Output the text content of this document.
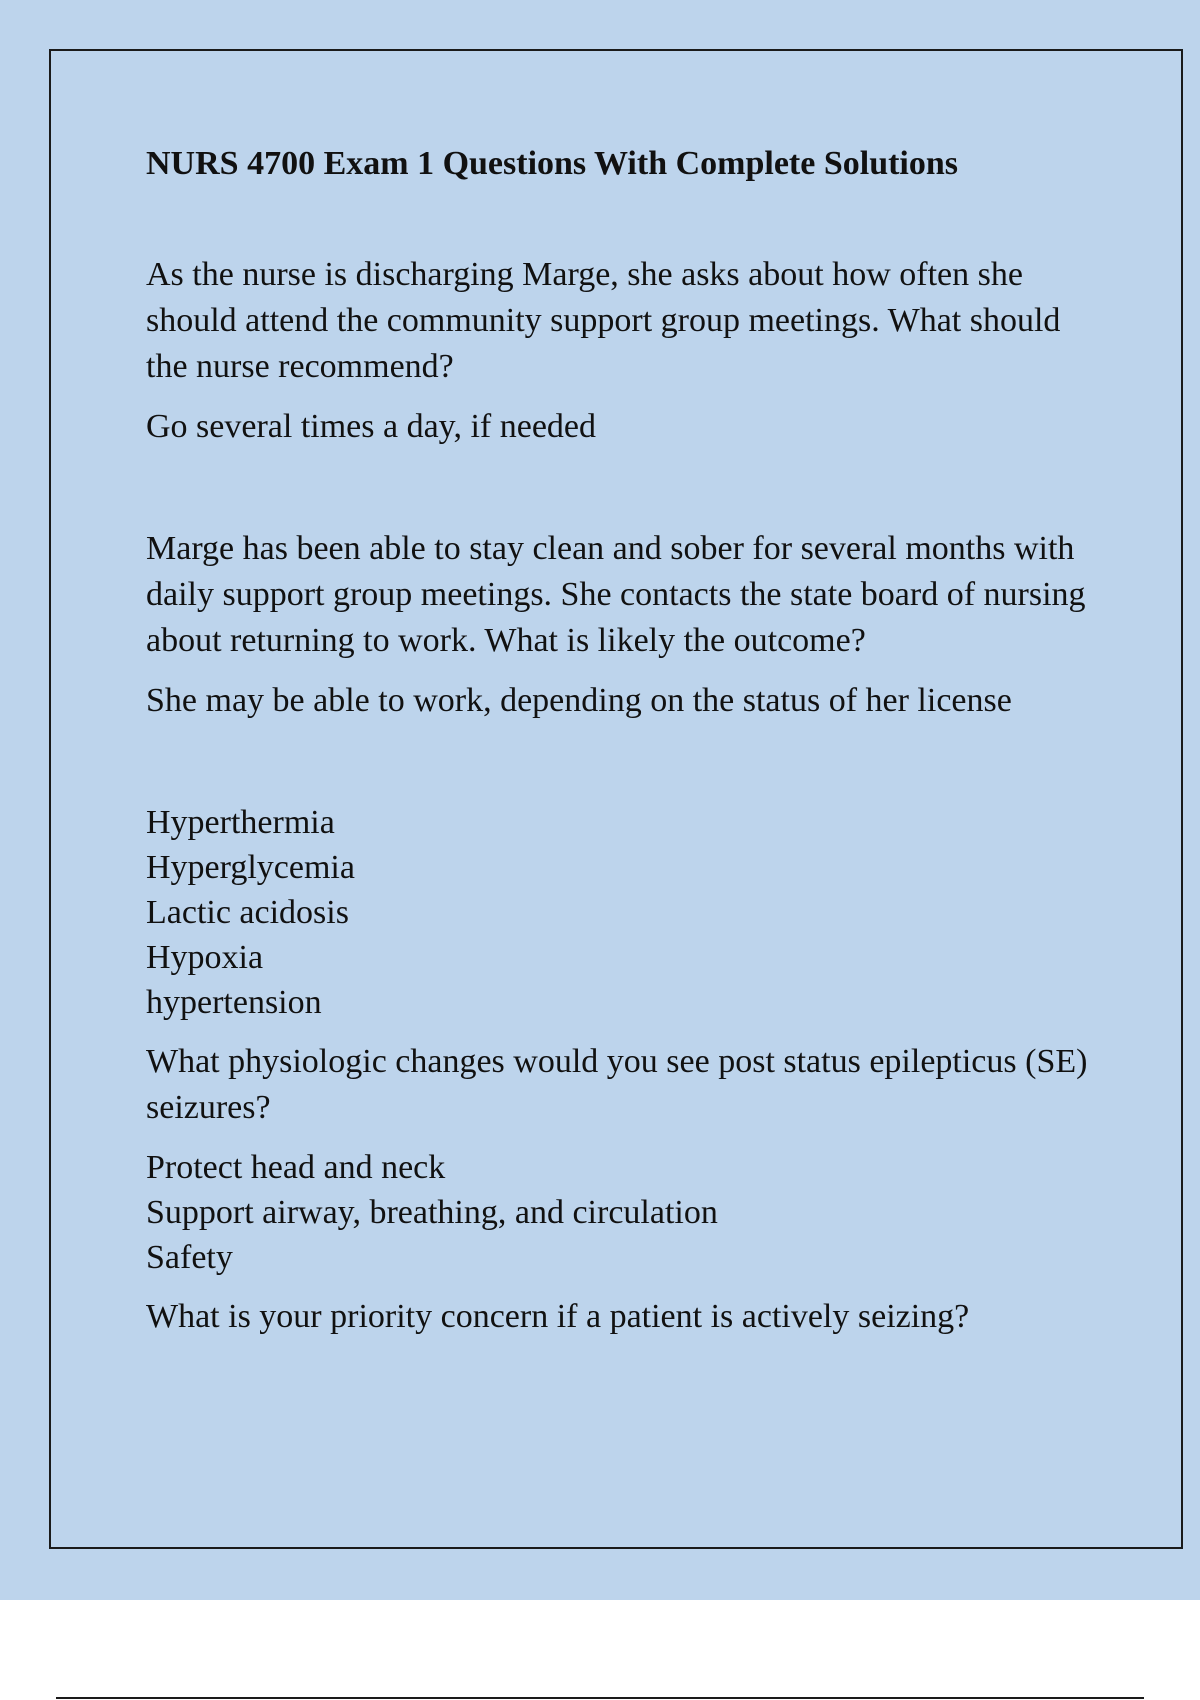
NURS 4700 Exam 1 Questions With Complete Solutions

As the nurse is discharging Marge, she asks about how often she should attend the community support group meetings. What should the nurse recommend?

Go several times a day, if needed

Marge has been able to stay clean and sober for several months with daily support group meetings. She contacts the state board of nursing about returning to work. What is likely the outcome?

She may be able to work, depending on the status of her license

Hyperthermia
Hyperglycemia
Lactic acidosis
Hypoxia
hypertension

What physiologic changes would you see post status epilepticus (SE) seizures?

Protect head and neck
Support airway, breathing, and circulation
Safety

What is your priority concern if a patient is actively seizing?
